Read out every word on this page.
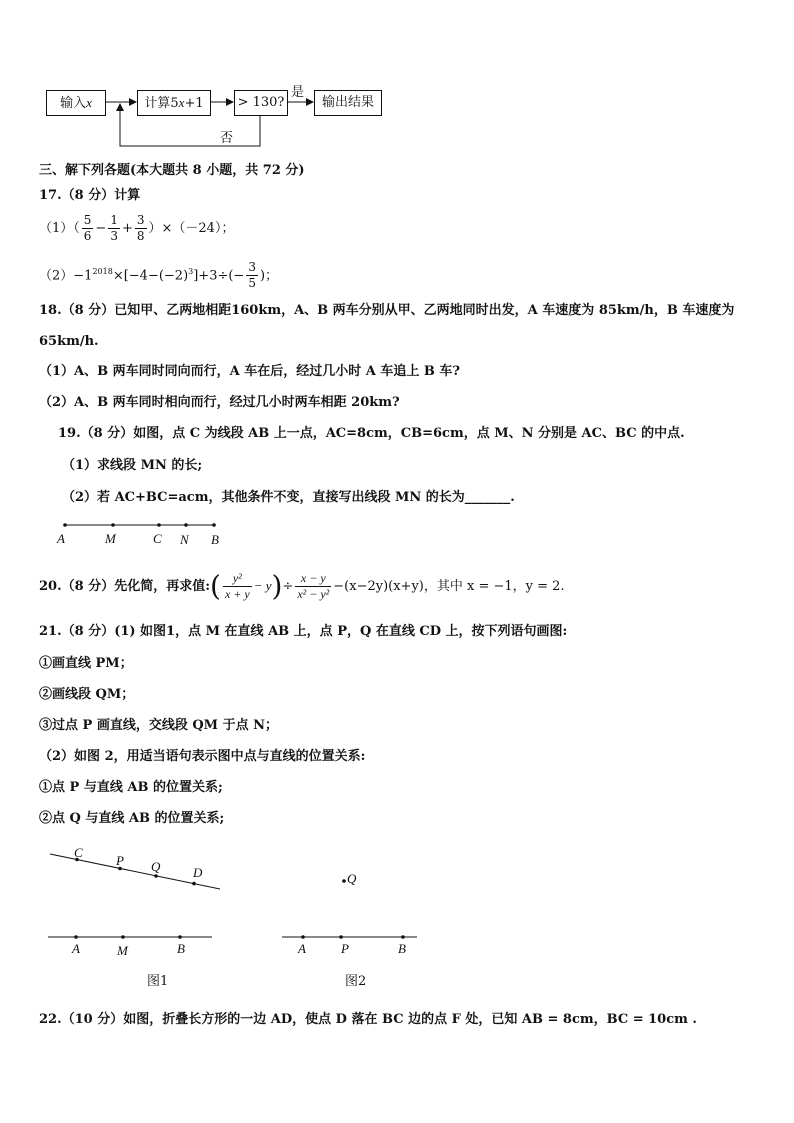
输入x	计算5x+1	> 130?	输出结果
是
否
三、解下列各题(本大题共 8 小题，共 72 分)
17.（8 分）计算
$(1)( \frac{5}{6} - \frac{1}{3} + \frac{3}{8} )\times(-24)$；
$(2)-1^{2018}\times[-4-(-2)^3]+3\div(- \frac{3}{5}$ )；
18.（8 分）已知甲、乙两地相距160km，A、B 两车分别从甲、乙两地同时出发，A 车速度为 85km/h，B 车速度为
65km/h.
（1）A、B 两车同时同向而行，A 车在后，经过几小时 A 车追上 B 车?
（2）A、B 两车同时相向而行，经过几小时两车相距 20km?
19.（8 分）如图，点 C 为线段 AB 上一点，AC=8cm，CB=6cm，点 M、N 分别是 AC、BC 的中点.
（1）求线段 MN 的长;
（2）若 AC+BC=acm，其他条件不变，直接写出线段 MN 的长为_______.
A	M	C N B
20.（8 分）先化简，再求值:( $\frac{\text{y²}}{x + y} - y)\div \frac{x - y}{\text{x² − y²}} -(x-2y)(x+y)$，其中 x = −1，y = 2.
21.（8 分）(1) 如图1，点 M 在直线 AB 上，点 P，Q 在直线 CD 上，按下列语句画图:
①画直线 PM；
②画线段 QM；
③过点 P 画直线，交线段 QM 于点 N；
（2）如图 2，用适当语句表示图中点与直线的位置关系:
①点 P 与直线 AB 的位置关系;
②点 Q 与直线 AB 的位置关系;
C
P Q	D
A	M	B
图1
Q
A	P	B
图2
22.（10 分）如图，折叠长方形的一边 AD，使点 D 落在 BC 边的点 F 处，已知 AB = 8cm，BC = 10cm .
